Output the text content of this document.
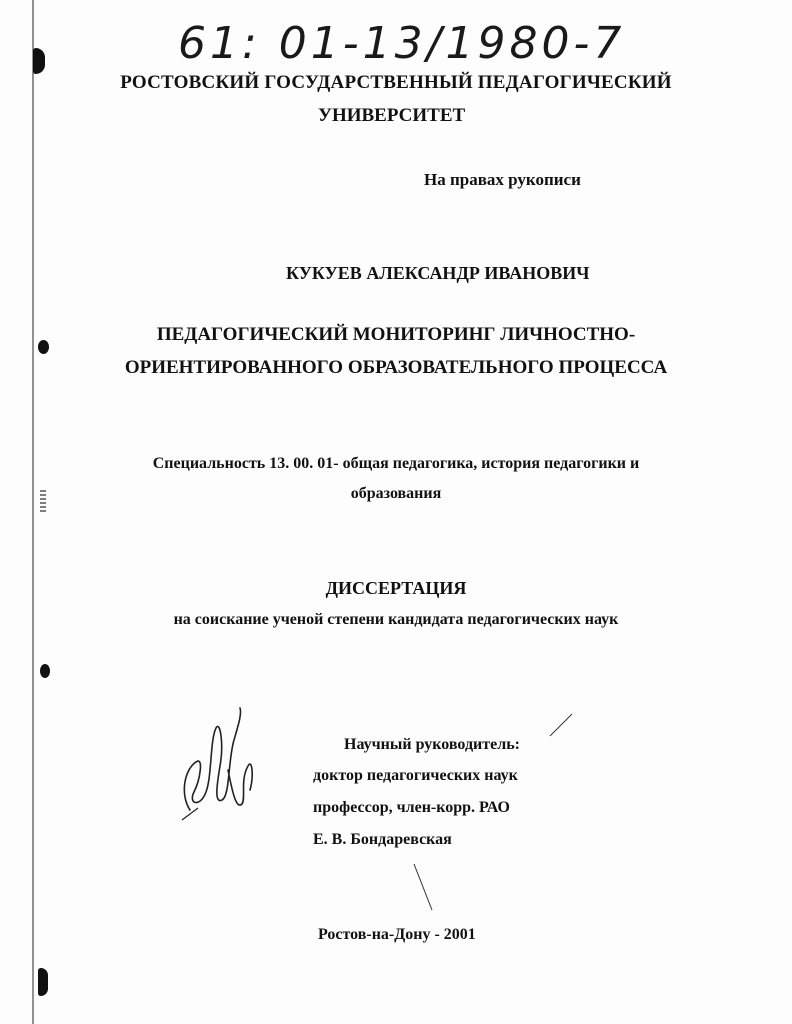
61: 01-13/1980-7
РОСТОВСКИЙ ГОСУДАРСТВЕННЫЙ ПЕДАГОГИЧЕСКИЙ
УНИВЕРСИТЕТ
На правах рукописи
КУКУЕВ АЛЕКСАНДР ИВАНОВИЧ
ПЕДАГОГИЧЕСКИЙ МОНИТОРИНГ ЛИЧНОСТНО-
ОРИЕНТИРОВАННОГО ОБРАЗОВАТЕЛЬНОГО ПРОЦЕССА
Специальность 13. 00. 01- общая педагогика, история педагогики и
образования
ДИССЕРТАЦИЯ
на соискание ученой степени кандидата педагогических наук
Научный руководитель:
доктор педагогических наук
профессор, член-корр. РАО
Е. В. Бондаревская
Ростов-на-Дону - 2001
